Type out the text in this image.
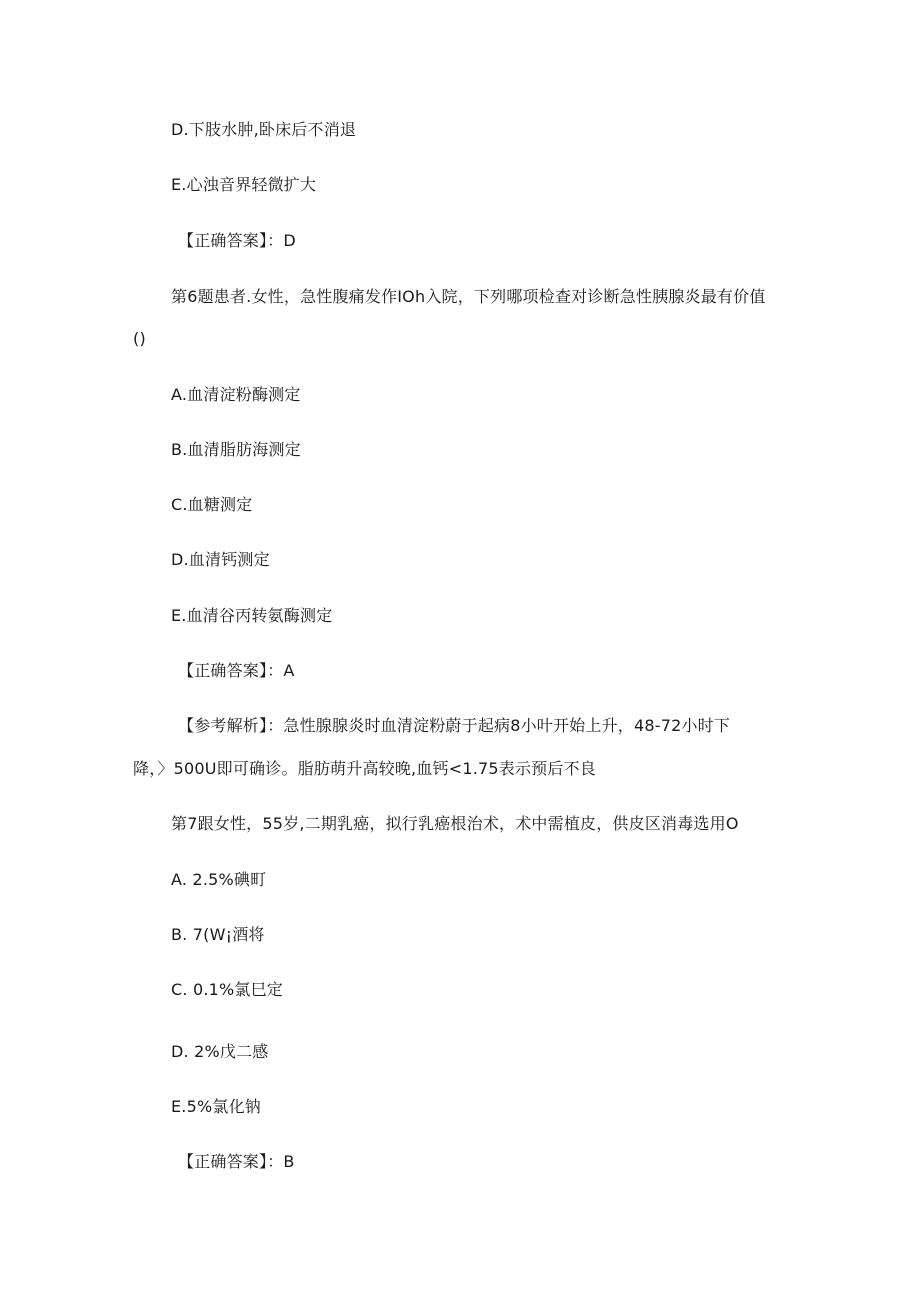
D.下肢水肿,卧床后不消退
E.心浊音界轻微扩大
【正确答案】：D
第6题患者.女性，急性腹痛发作IOh入院，下列哪项检查对诊断急性胰腺炎最有价值
()
A.血清淀粉酶测定
B.血清脂肪海测定
C.血糖测定
D.血清钙测定
E.血清谷丙转氨酶测定
【正确答案】：A
【参考解析】：急性腺腺炎时血清淀粉蔚于起病8小叶开始上升，48-72小时下
降，〉500U即可确诊。脂肪萌升高较晚,血钙<1.75表示预后不良
第7跟女性，55岁,二期乳癌，拟行乳癌根治术，术中需植皮，供皮区消毒选用O
A. 2.5%碘町
B. 7(W¡酒将
C. 0.1%氯巳定
D. 2%戊二感
E.5%氯化钠
【正确答案】：B
